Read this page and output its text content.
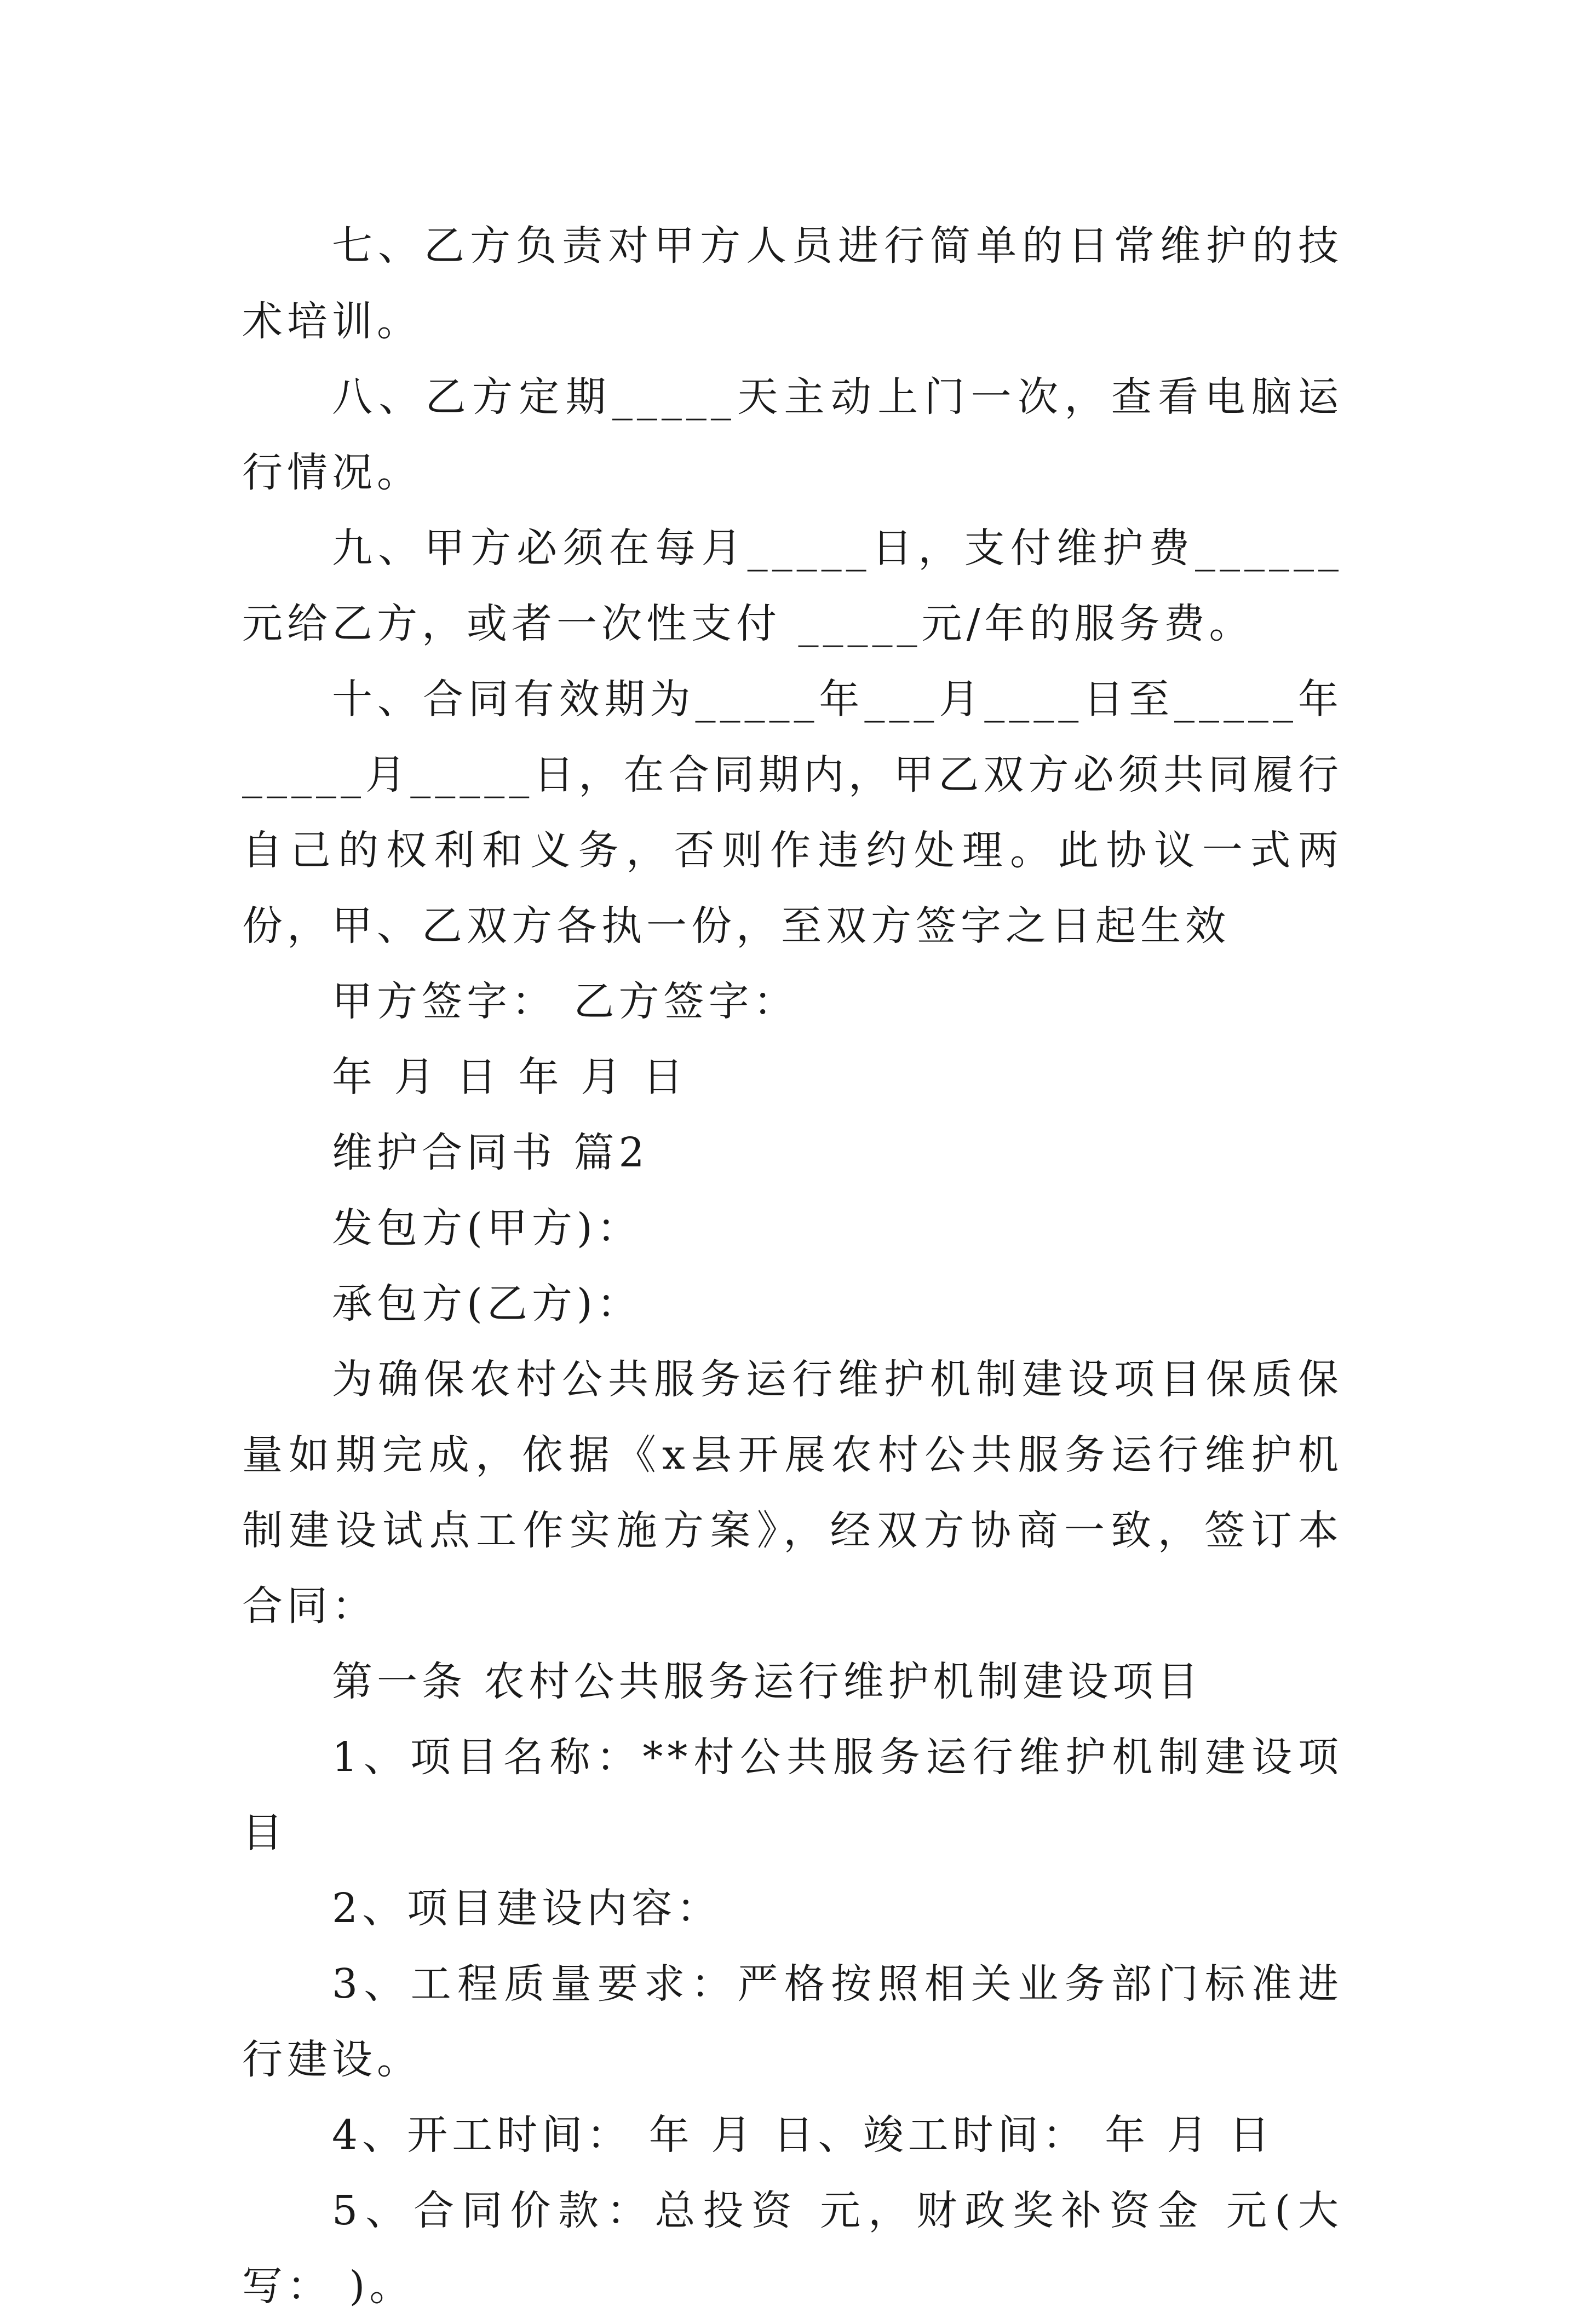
七、乙方负责对甲方人员进行简单的日常维护的技术培训。

八、乙方定期_____天主动上门一次，查看电脑运行情况。

九、甲方必须在每月_____日，支付维护费______元给乙方，或者一次性支付 _____元/年的服务费。

十、合同有效期为_____年___月____日至_____年_____月_____日，在合同期内，甲乙双方必须共同履行自己的权利和义务，否则作违约处理。此协议一式两份，甲、乙双方各执一份，至双方签字之日起生效

甲方签字： 乙方签字：

年 月 日 年 月 日

维护合同书 篇2

发包方(甲方)：

承包方(乙方)：

为确保农村公共服务运行维护机制建设项目保质保量如期完成，依据《x县开展农村公共服务运行维护机制建设试点工作实施方案》，经双方协商一致，签订本合同：

第一条 农村公共服务运行维护机制建设项目

1、项目名称：**村公共服务运行维护机制建设项目

2、项目建设内容：

3、工程质量要求：严格按照相关业务部门标准进行建设。

4、开工时间： 年 月 日、竣工时间： 年 月 日

5、合同价款：总投资 元，财政奖补资金 元(大写： )。
